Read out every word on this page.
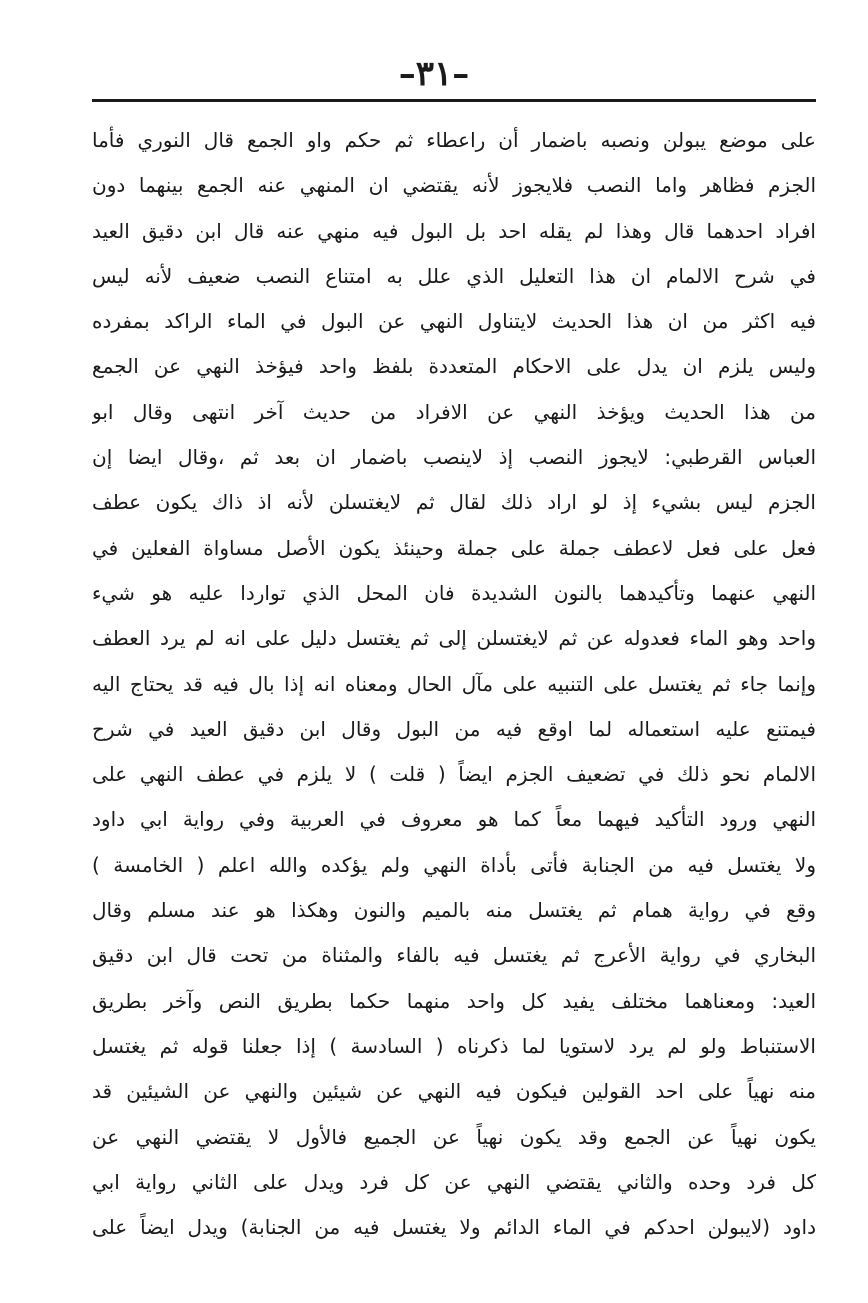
–٣١–
على موضع يبولن ونصبه باضمار أن راعطاء ثم حكم واو الجمع قال النوري فأما
الجزم فظاهر واما النصب فلايجوز لأنه يقتضي ان المنهي عنه الجمع بينهما دون
افراد احدهما قال وهذا لم يقله احد بل البول فيه منهي عنه قال ابن دقيق العيد
في شرح الالمام ان هذا التعليل الذي علل به امتناع النصب ضعيف لأنه ليس
فيه اكثر من ان هذا الحديث لايتناول النهي عن البول في الماء الراكد بمفرده
وليس يلزم ان يدل على الاحكام المتعددة بلفظ واحد فيؤخذ النهي عن الجمع
من هذا الحديث ويؤخذ النهي عن الافراد من حديث آخر انتهى وقال ابو
العباس القرطبي: لايجوز النصب إذ لاينصب باضمار ان بعد ثم ،وقال ايضا إن
الجزم ليس بشيء إذ لو اراد ذلك لقال ثم لايغتسلن لأنه اذ ذاك يكون عطف
فعل على فعل لاعطف جملة على جملة وحينئذ يكون الأصل مساواة الفعلين في
النهي عنهما وتأكيدهما بالنون الشديدة فان المحل الذي تواردا عليه هو شيء
واحد وهو الماء فعدوله عن ثم لايغتسلن إلى ثم يغتسل دليل على انه لم يرد العطف
وإنما جاء ثم يغتسل على التنبيه على مآل الحال ومعناه انه إذا بال فيه قد يحتاج اليه
فيمتنع عليه استعماله لما اوقع فيه من البول وقال ابن دقيق العيد في شرح
الالمام نحو ذلك في تضعيف الجزم ايضاً ( قلت ) لا يلزم في عطف النهي على
النهي ورود التأكيد فيهما معاً كما هو معروف في العربية وفي رواية ابي داود
ولا يغتسل فيه من الجنابة فأتى بأداة النهي ولم يؤكده والله اعلم ( الخامسة )
وقع في رواية همام ثم يغتسل منه بالميم والنون وهكذا هو عند مسلم وقال
البخاري في رواية الأعرج ثم يغتسل فيه بالفاء والمثناة من تحت قال ابن دقيق
العيد: ومعناهما مختلف يفيد كل واحد منهما حكما بطريق النص وآخر بطريق
الاستنباط ولو لم يرد لاستويا لما ذكرناه ( السادسة ) إذا جعلنا قوله ثم يغتسل
منه نهياً على احد القولين فيكون فيه النهي عن شيئين والنهي عن الشيئين قد
يكون نهياً عن الجمع وقد يكون نهياً عن الجميع فالأول لا يقتضي النهي عن
كل فرد وحده والثاني يقتضي النهي عن كل فرد ويدل على الثاني رواية ابي
داود (لايبولن احدكم في الماء الدائم ولا يغتسل فيه من الجنابة) ويدل ايضاً على
